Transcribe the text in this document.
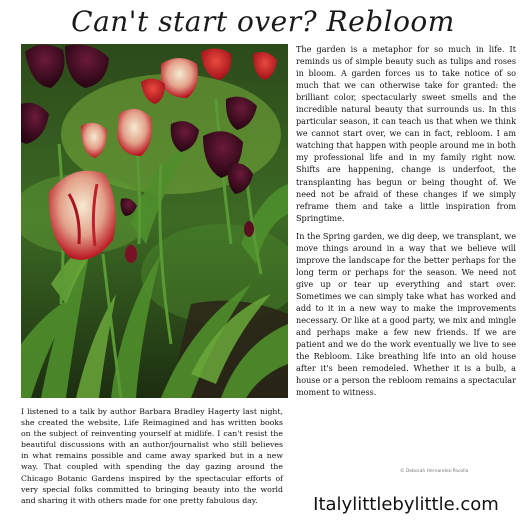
Can't start over? Rebloom

The garden is a metaphor for so much in life. It reminds us of simple beauty such as tulips and roses in bloom. A garden forces us to take notice of so much that we can otherwise take for granted: the brilliant color, spectacularly sweet smells and the incredible natural beauty that surrounds us. In this particular season, it can teach us that when we think we cannot start over, we can in fact, rebloom. I am watching that happen with people around me in both my professional life and in my family right now. Shifts are happening, change is underfoot, the transplanting has begun or being thought of. We need not be afraid of these changes if we simply reframe them and take a little inspiration from Springtime.

In the Spring garden, we dig deep, we transplant, we move things around in a way that we believe will improve the landscape for the better perhaps for the long term or perhaps for the season. We need not give up or tear up everything and start over. Sometimes we can simply take what has worked and add to it in a new way to make the improvements necessary. Or like at a good party, we mix and mingle and perhaps make a few new friends. If we are patient and we do the work eventually we live to see the Rebloom. Like breathing life into an old house after it's been remodeled. Whether it is a bulb, a house or a person the rebloom remains a spectacular moment to witness.

I listened to a talk by author Barbara Bradley Hagerty last night, she created the website, Life Reimagined and has written books on the subject of reinventing yourself at midlife. I can't resist the beautiful discussions with an author/journalist who still believes in what remains possible and came away sparked but in a new way. That coupled with spending the day gazing around the Chicago Botanic Gardens inspired by the spectacular efforts of very special folks committed to bringing beauty into the world and sharing it with others made for one pretty fabulous day.

© Deborah Hernandez-Pacolla
Italylittlebylittle.com
